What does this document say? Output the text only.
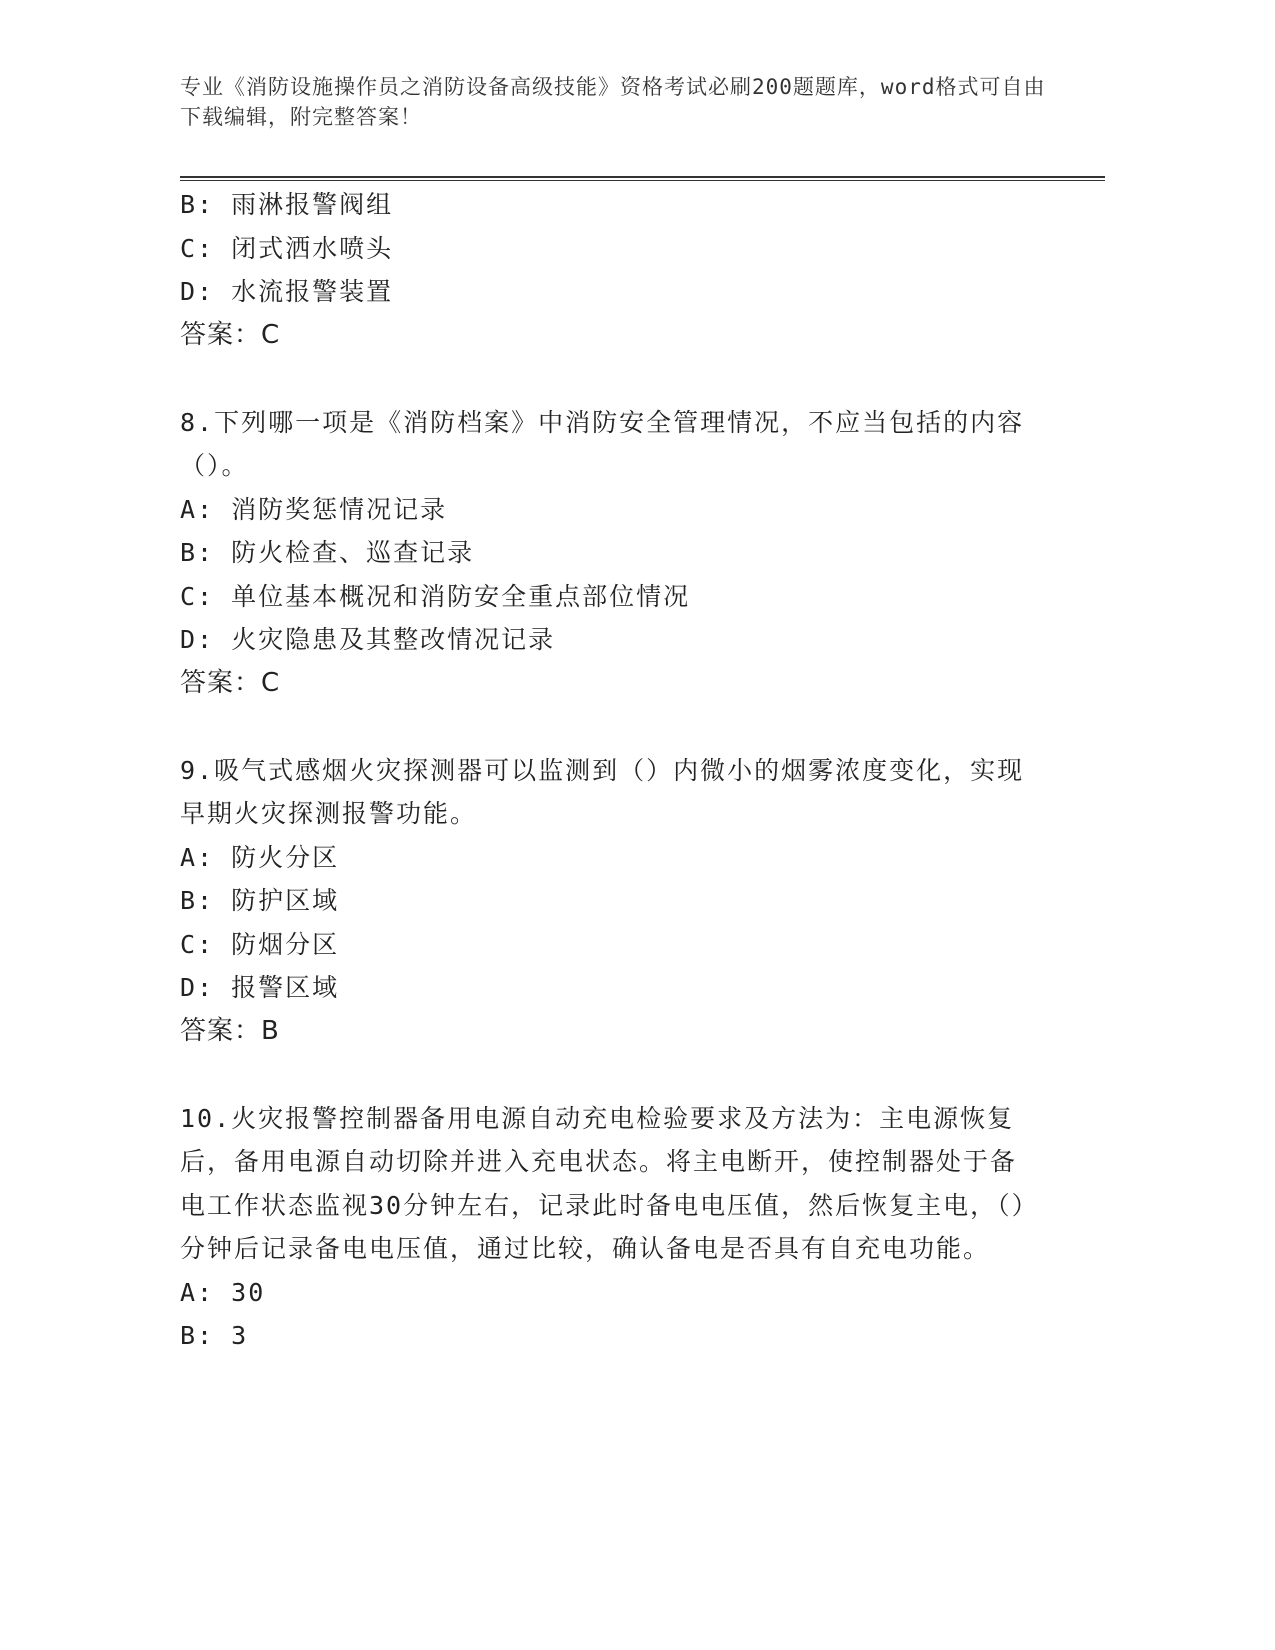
专业《消防设施操作员之消防设备高级技能》资格考试必刷200题题库，word格式可自由下载编辑，附完整答案！
B: 雨淋报警阀组
C: 闭式洒水喷头
D: 水流报警装置
答案：C
8.下列哪一项是《消防档案》中消防安全管理情况，不应当包括的内容（）。
A: 消防奖惩情况记录
B: 防火检查、巡查记录
C: 单位基本概况和消防安全重点部位情况
D: 火灾隐患及其整改情况记录
答案：C
9.吸气式感烟火灾探测器可以监测到（）内微小的烟雾浓度变化，实现早期火灾探测报警功能。
A: 防火分区
B: 防护区域
C: 防烟分区
D: 报警区域
答案：B
10.火灾报警控制器备用电源自动充电检验要求及方法为：主电源恢复后，备用电源自动切除并进入充电状态。将主电断开，使控制器处于备电工作状态监视30分钟左右，记录此时备电电压值，然后恢复主电，（）分钟后记录备电电压值，通过比较，确认备电是否具有自充电功能。
A: 30
B: 3
